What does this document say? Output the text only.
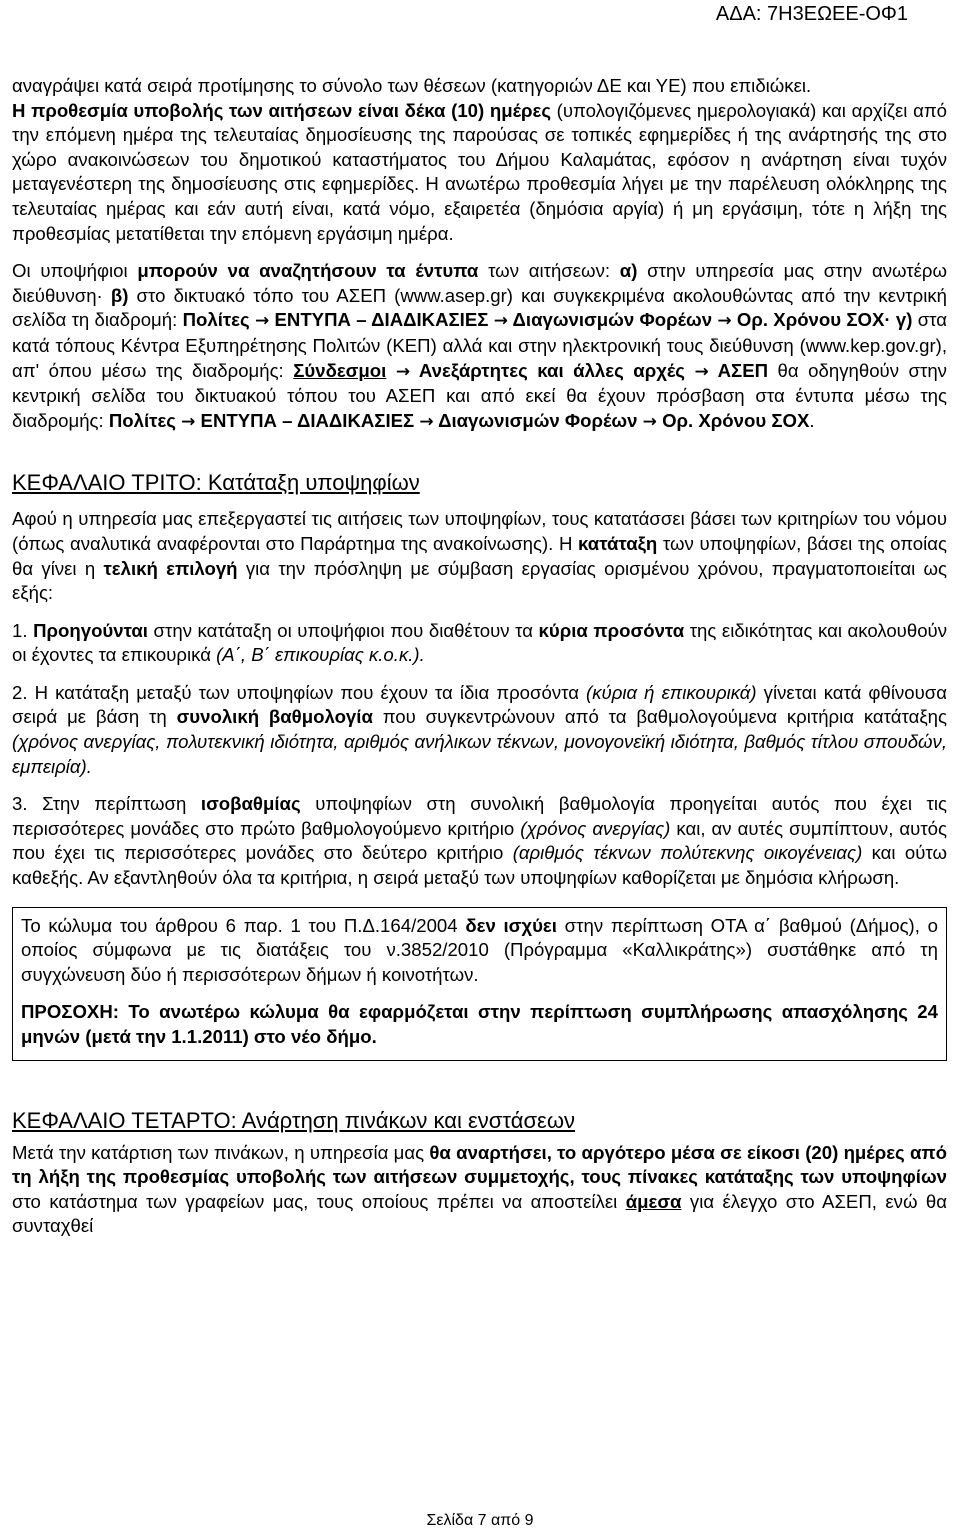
ΑΔΑ: 7Η3ΕΩΕΕ-ΟΦ1

αναγράψει κατά σειρά προτίμησης το σύνολο των θέσεων (κατηγοριών ΔΕ και ΥΕ) που επιδιώκει.

Η προθεσμία υποβολής των αιτήσεων είναι δέκα (10) ημέρες (υπολογιζόμενες ημερολογιακά) και αρχίζει από την επόμενη ημέρα της τελευταίας δημοσίευσης της παρούσας σε τοπικές εφημερίδες ή της ανάρτησής της στο χώρο ανακοινώσεων του δημοτικού καταστήματος του Δήμου Καλαμάτας, εφόσον η ανάρτηση είναι τυχόν μεταγενέστερη της δημοσίευσης στις εφημερίδες. Η ανωτέρω προθεσμία λήγει με την παρέλευση ολόκληρης της τελευταίας ημέρας και εάν αυτή είναι, κατά νόμο, εξαιρετέα (δημόσια αργία) ή μη εργάσιμη, τότε η λήξη της προθεσμίας μετατίθεται την επόμενη εργάσιμη ημέρα.

Οι υποψήφιοι μπορούν να αναζητήσουν τα έντυπα των αιτήσεων: α) στην υπηρεσία μας στην ανωτέρω διεύθυνση· β) στο δικτυακό τόπο του ΑΣΕΠ (www.asep.gr) και συγκεκριμένα ακολουθώντας από την κεντρική σελίδα τη διαδρομή: Πολίτες → ΕΝΤΥΠΑ – ΔΙΑΔΙΚΑΣΙΕΣ → Διαγωνισμών Φορέων → Ορ. Χρόνου ΣΟΧ· γ) στα κατά τόπους Κέντρα Εξυπηρέτησης Πολιτών (ΚΕΠ) αλλά και στην ηλεκτρονική τους διεύθυνση (www.kep.gov.gr), απ' όπου μέσω της διαδρομής: Σύνδεσμοι → Ανεξάρτητες και άλλες αρχές → ΑΣΕΠ θα οδηγηθούν στην κεντρική σελίδα του δικτυακού τόπου του ΑΣΕΠ και από εκεί θα έχουν πρόσβαση στα έντυπα μέσω της διαδρομής: Πολίτες → ΕΝΤΥΠΑ – ΔΙΑΔΙΚΑΣΙΕΣ → Διαγωνισμών Φορέων → Ορ. Χρόνου ΣΟΧ.

ΚΕΦΑΛΑΙΟ ΤΡΙΤΟ: Κατάταξη υποψηφίων

Αφού η υπηρεσία μας επεξεργαστεί τις αιτήσεις των υποψηφίων, τους κατατάσσει βάσει των κριτηρίων του νόμου (όπως αναλυτικά αναφέρονται στο Παράρτημα της ανακοίνωσης). Η κατάταξη των υποψηφίων, βάσει της οποίας θα γίνει η τελική επιλογή για την πρόσληψη με σύμβαση εργασίας ορισμένου χρόνου, πραγματοποιείται ως εξής:

1. Προηγούνται στην κατάταξη οι υποψήφιοι που διαθέτουν τα κύρια προσόντα της ειδικότητας και ακολουθούν οι έχοντες τα επικουρικά (Α΄, Β΄ επικουρίας κ.ο.κ.).

2. Η κατάταξη μεταξύ των υποψηφίων που έχουν τα ίδια προσόντα (κύρια ή επικουρικά) γίνεται κατά φθίνουσα σειρά με βάση τη συνολική βαθμολογία που συγκεντρώνουν από τα βαθμολογούμενα κριτήρια κατάταξης (χρόνος ανεργίας, πολυτεκνική ιδιότητα, αριθμός ανήλικων τέκνων, μονογονεϊκή ιδιότητα, βαθμός τίτλου σπουδών, εμπειρία).

3. Στην περίπτωση ισοβαθμίας υποψηφίων στη συνολική βαθμολογία προηγείται αυτός που έχει τις περισσότερες μονάδες στο πρώτο βαθμολογούμενο κριτήριο (χρόνος ανεργίας) και, αν αυτές συμπίπτουν, αυτός που έχει τις περισσότερες μονάδες στο δεύτερο κριτήριο (αριθμός τέκνων πολύτεκνης οικογένειας) και ούτω καθεξής. Αν εξαντληθούν όλα τα κριτήρια, η σειρά μεταξύ των υποψηφίων καθορίζεται με δημόσια κλήρωση.

Το κώλυμα του άρθρου 6 παρ. 1 του Π.Δ.164/2004 δεν ισχύει στην περίπτωση ΟΤΑ α΄ βαθμού (Δήμος), ο οποίος σύμφωνα με τις διατάξεις του ν.3852/2010 (Πρόγραμμα «Καλλικράτης») συστάθηκε από τη συγχώνευση δύο ή περισσότερων δήμων ή κοινοτήτων.

ΠΡΟΣΟΧΗ: Το ανωτέρω κώλυμα θα εφαρμόζεται στην περίπτωση συμπλήρωσης απασχόλησης 24 μηνών (μετά την 1.1.2011) στο νέο δήμο.

ΚΕΦΑΛΑΙΟ ΤΕΤΑΡΤΟ: Ανάρτηση πινάκων και ενστάσεων

Μετά την κατάρτιση των πινάκων, η υπηρεσία μας θα αναρτήσει, το αργότερο μέσα σε είκοσι (20) ημέρες από τη λήξη της προθεσμίας υποβολής των αιτήσεων συμμετοχής, τους πίνακες κατάταξης των υποψηφίων στο κατάστημα των γραφείων μας, τους οποίους πρέπει να αποστείλει άμεσα για έλεγχο στο ΑΣΕΠ, ενώ θα συνταχθεί

Σελίδα 7 από 9
